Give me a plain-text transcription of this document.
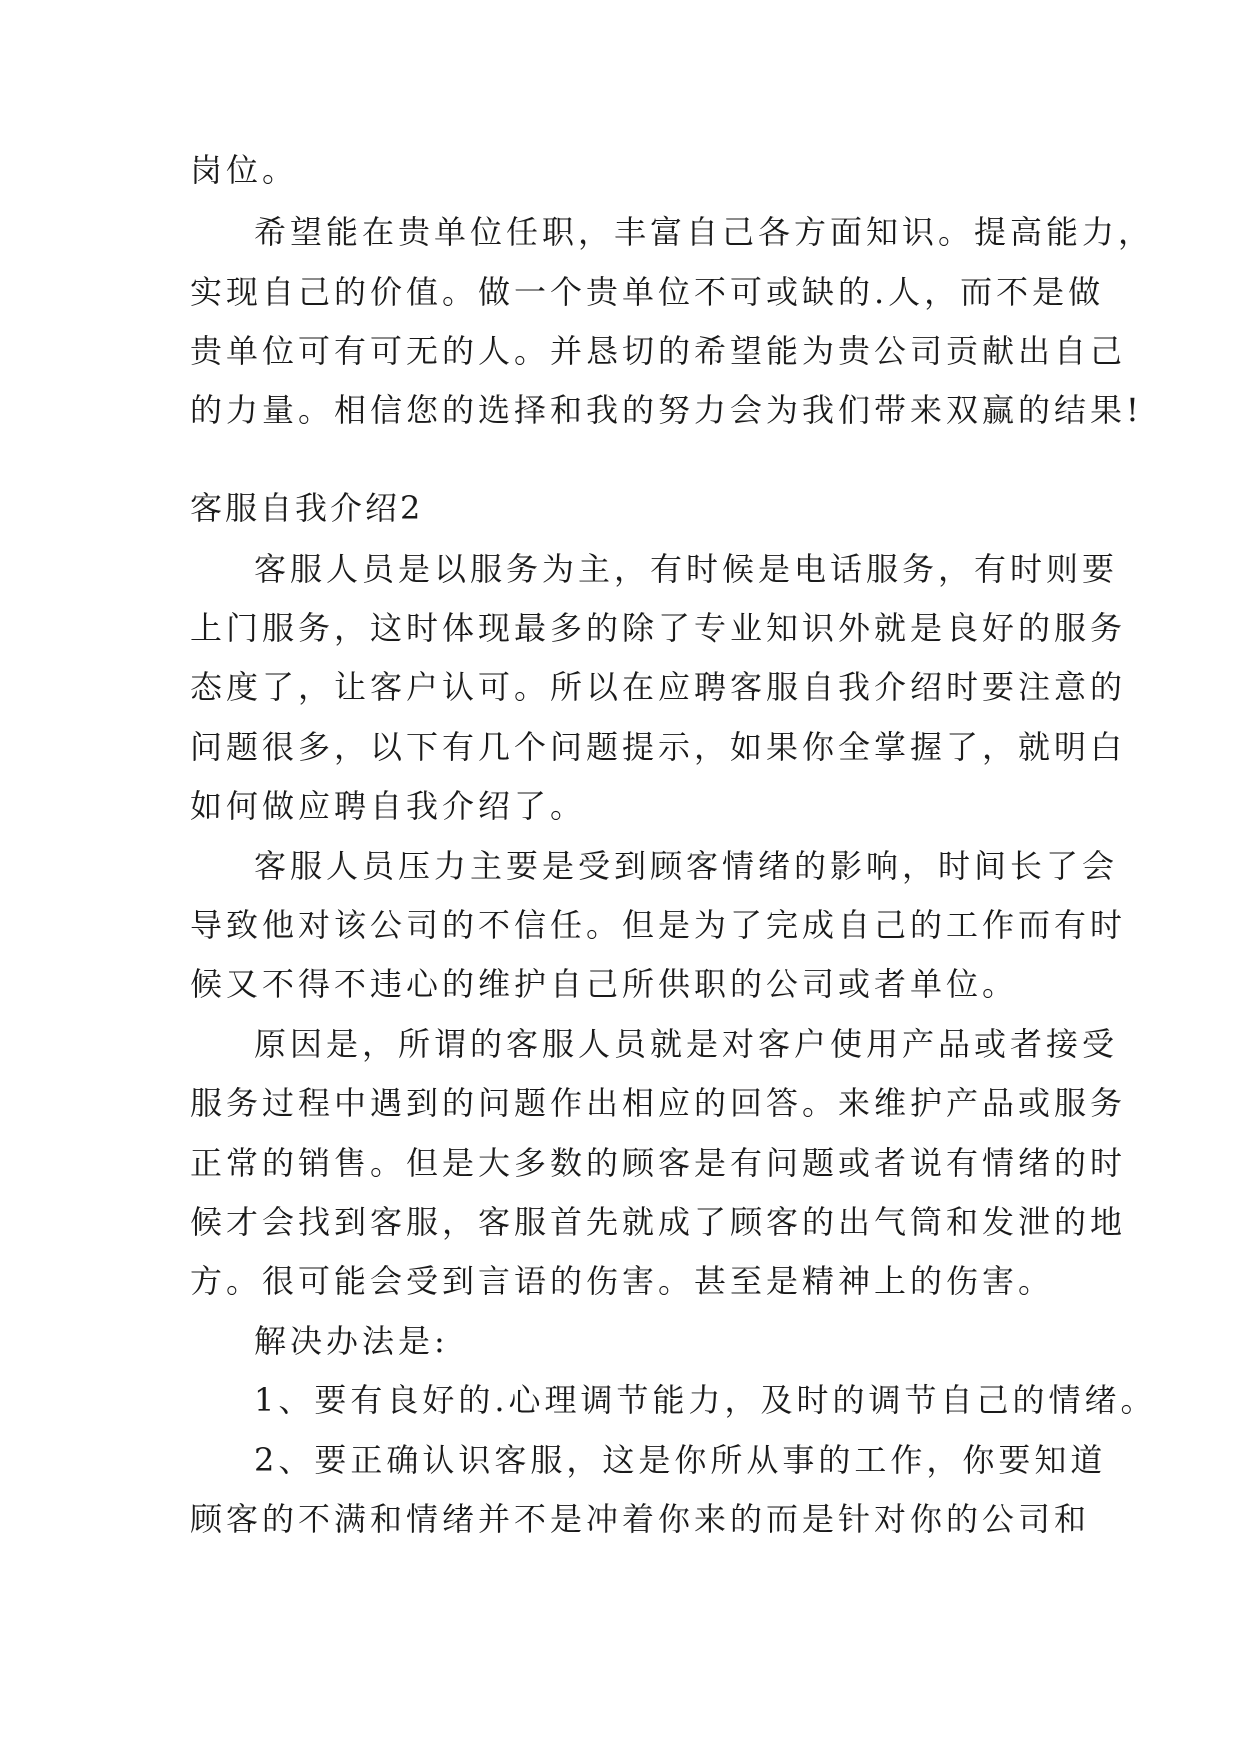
岗位。
希望能在贵单位任职，丰富自己各方面知识。提高能力，
实现自己的价值。做一个贵单位不可或缺的.人，而不是做
贵单位可有可无的人。并恳切的希望能为贵公司贡献出自己
的力量。相信您的选择和我的努力会为我们带来双赢的结果!
客服自我介绍2
客服人员是以服务为主，有时候是电话服务，有时则要
上门服务，这时体现最多的除了专业知识外就是良好的服务
态度了，让客户认可。所以在应聘客服自我介绍时要注意的
问题很多，以下有几个问题提示，如果你全掌握了，就明白
如何做应聘自我介绍了。
客服人员压力主要是受到顾客情绪的影响，时间长了会
导致他对该公司的不信任。但是为了完成自己的工作而有时
候又不得不违心的维护自己所供职的公司或者单位。
原因是，所谓的客服人员就是对客户使用产品或者接受
服务过程中遇到的问题作出相应的回答。来维护产品或服务
正常的销售。但是大多数的顾客是有问题或者说有情绪的时
候才会找到客服，客服首先就成了顾客的出气筒和发泄的地
方。很可能会受到言语的伤害。甚至是精神上的伤害。
解决办法是:
1、要有良好的.心理调节能力，及时的调节自己的情绪。
2、要正确认识客服，这是你所从事的工作，你要知道
顾客的不满和情绪并不是冲着你来的而是针对你的公司和
